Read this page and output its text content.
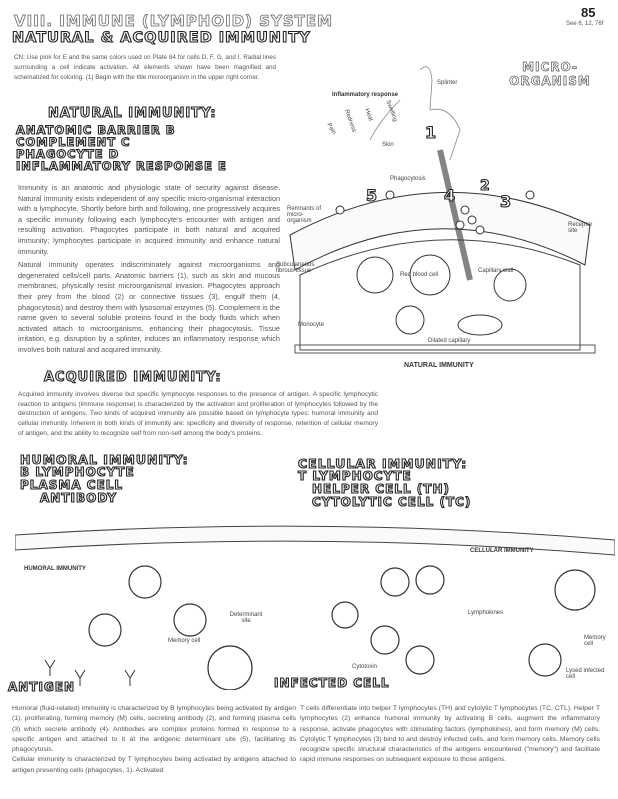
85
See 6, 12, 76f
VIII. IMMUNE (LYMPHOID) SYSTEM
NATURAL & ACQUIRED IMMUNITY
CN: Use pink for E and the same colors used on Plate 84 for cells D, F, G, and I. Radial lines surrounding a cell indicate activation. All elements shown have been magnified and schematized for coloring. (1) Begin with the title microorganism in the upper right corner.
NATURAL IMMUNITY:
ANATOMIC BARRIER B
COMPLEMENT C
PHAGOCYTE D
INFLAMMATORY RESPONSE E

Immunity is an anatomic and physiologic state of security against disease. Natural immunity exists independent of any specific micro-organismal interaction with a lymphocyte. Shortly before birth and following, one progressively acquires a specific immunity following each lymphocyte's encounter with antigen and resulting activation. Phagocytes participate in both natural and acquired immunity; lymphocytes participate in acquired immunity and enhance natural immunity.

Natural immunity operates indiscriminately against microorganisms and degenerated cells/cell parts. Anatomic barriers (1), such as skin and mucous membranes, physically resist microorganismal invasion. Phagocytes approach their prey from the blood (2) or connective tissues (3), engulf them (4, phagocytosis) and destroy them with lysosomal enzymes (5). Complement is the name given to several soluble proteins found in the body fluids which when activated attach to microorganisms, enhancing their phagocytosis. Tissue irritation, e.g. disruption by a splinter, induces an inflammatory response which involves both natural and acquired immunity.

MICRO-ORGANISM
Inflammatory response
Pain Redness Heat Swelling
Splinter
Skin
Phagocytosis
Remnants of micro-organism
Receptor site
Subcutaneous fibrous tissue
Red blood cell
Capillary wall
Monocyte
Dilated capillary
1
2
3
4
5
NATURAL IMMUNITY
ACQUIRED IMMUNITY:
Acquired immunity involves diverse but specific lymphocyte responses to the presence of antigen. A specific lymphocytic reaction to antigens (immune response) is characterized by the activation and proliferation of lymphocytes followed by the destruction of antigens. Two kinds of acquired immunity are possible based on lymphocyte types: humoral immunity and cellular immunity. Inherent in both kinds of immunity are: specificity and diversity of response, retention of cellular memory of antigen, and the ability to recognize self from non-self among the body's proteins.
HUMORAL IMMUNITY:
B LYMPHOCYTE
PLASMA CELL
ANTIBODY
CELLULAR IMMUNITY:
T LYMPHOCYTE
HELPER CELL (TH)
CYTOLYTIC CELL (TC)
HUMORAL IMMUNITY
CELLULAR IMMUNITY
Memory cell
Determinant site
Lymphokines
Cytotoxin
Memory cell
Lysed infected cell
ANTIGEN	INFECTED CELL

Humoral (fluid-related) immunity is characterized by B lymphocytes being activated by antigen (1), proliferating, forming memory (M) cells, secreting antibody (2), and forming plasma cells (3) which secrete antibody (4). Antibodies are complex proteins formed in response to a specific antigen and attached to it at the antigenic determinant site (5), facilitating its phagocytosis.

Cellular immunity is characterized by T lymphocytes being activated by antigens attached to antigen presenting cells (phagocytes, 1). Activated

T cells differentiate into helper T lymphocytes (TH) and cytolytic T lymphocytes (TC, CTL). Helper T lymphocytes (2) enhance humoral immunity by activating B cells, augment the inflammatory response, activate phagocytes with stimulating factors (lymphokines), and form memory (M) cells. Cytolytic T lymphocytes (3) bind to and destroy infected cells, and form memory cells. Memory cells recognize specific structural characteristics of the antigens encountered ("memory") and facilitate rapid immune responses on subsequent exposure to those antigens.
